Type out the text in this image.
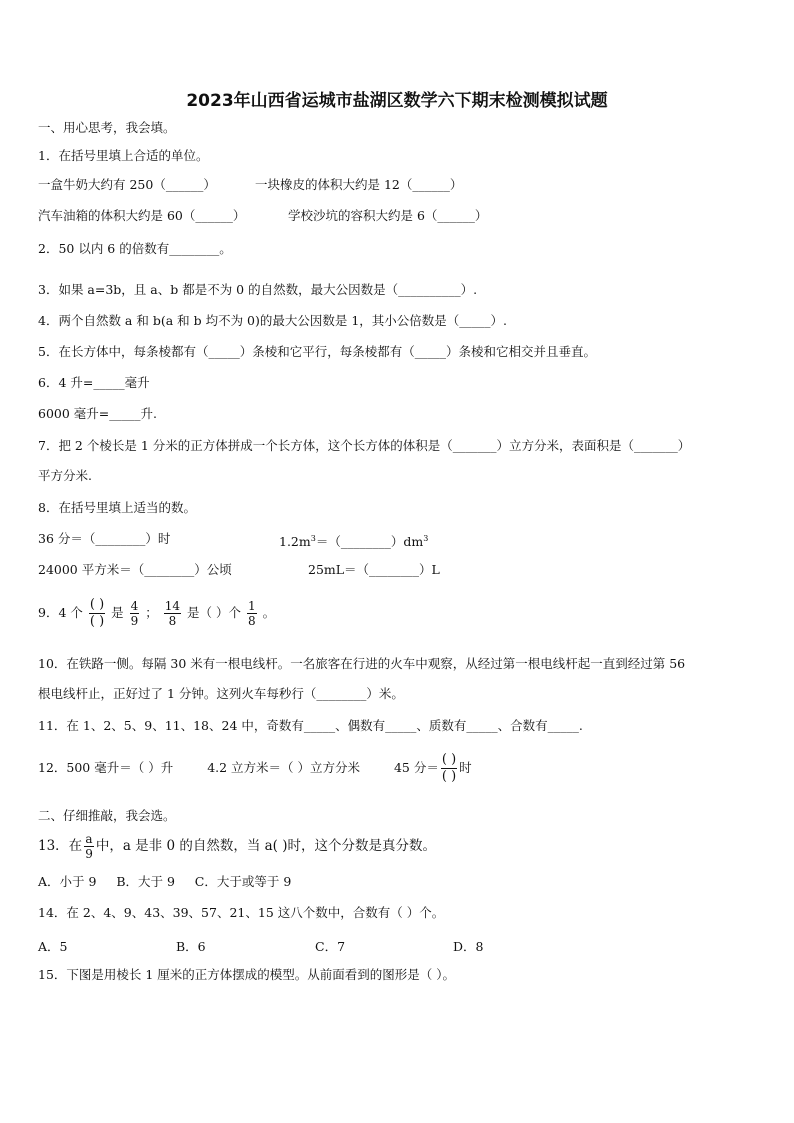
2023年山西省运城市盐湖区数学六下期末检测模拟试题
一、用心思考，我会填。
1．在括号里填上合适的单位。
一盒牛奶大约有 250（______）	一块橡皮的体积大约是 12（______）
汽车油箱的体积大约是 60（______）	学校沙坑的容积大约是 6（______）
2．50 以内 6 的倍数有________。
3．如果 a=3b，且 a、b 都是不为 0 的自然数，最大公因数是（__________）.
4．两个自然数 a 和 b(a 和 b 均不为 0)的最大公因数是 1，其小公倍数是（_____）.
5．在长方体中，每条棱都有（_____）条棱和它平行，每条棱都有（_____）条棱和它相交并且垂直。
6．4 升=_____毫升
6000 毫升=_____升.
7．把 2 个棱长是 1 分米的正方体拼成一个长方体，这个长方体的体积是（_______）立方分米，表面积是（_______）
平方分米.
8．在括号里填上适当的数。
36 分＝（________）时	$1.2m^3=(\_\_\_\_\_\_\_\_)dm^3$
24000 平方米＝（________）公顷	25mL＝（________）L
9．4 个 $\frac{( )}{( )}$ 是 $\frac{4}{9}$ ； $\frac{14}{8}$ 是（ ）个 $\frac{1}{8}$ 。
10．在铁路一侧。每隔 30 米有一根电线杆。一名旅客在行进的火车中观察，从经过第一根电线杆起一直到经过第 56
根电线杆止，正好过了 1 分钟。这列火车每秒行（________）米。
11．在 1、2、5、9、11、18、24 中，奇数有_____、偶数有_____、质数有_____、合数有_____.
12．500 毫升＝（ ）升	4.2 立方米＝（ ）立方分米	45 分＝ $\frac{( )}{( )}$ 时
二、仔细推敲，我会选。
13．在 $\frac{a}{9}$ 中，a 是非 0 的自然数，当 a( )时，这个分数是真分数。
A．小于 9     B．大于 9     C．大于或等于 9
14．在 2、4、9、43、39、57、21、15 这八个数中，合数有（ ）个。
A．5	B．6	C．7	D．8
15．下图是用棱长 1 厘米的正方体摆成的模型。从前面看到的图形是（ ）。
